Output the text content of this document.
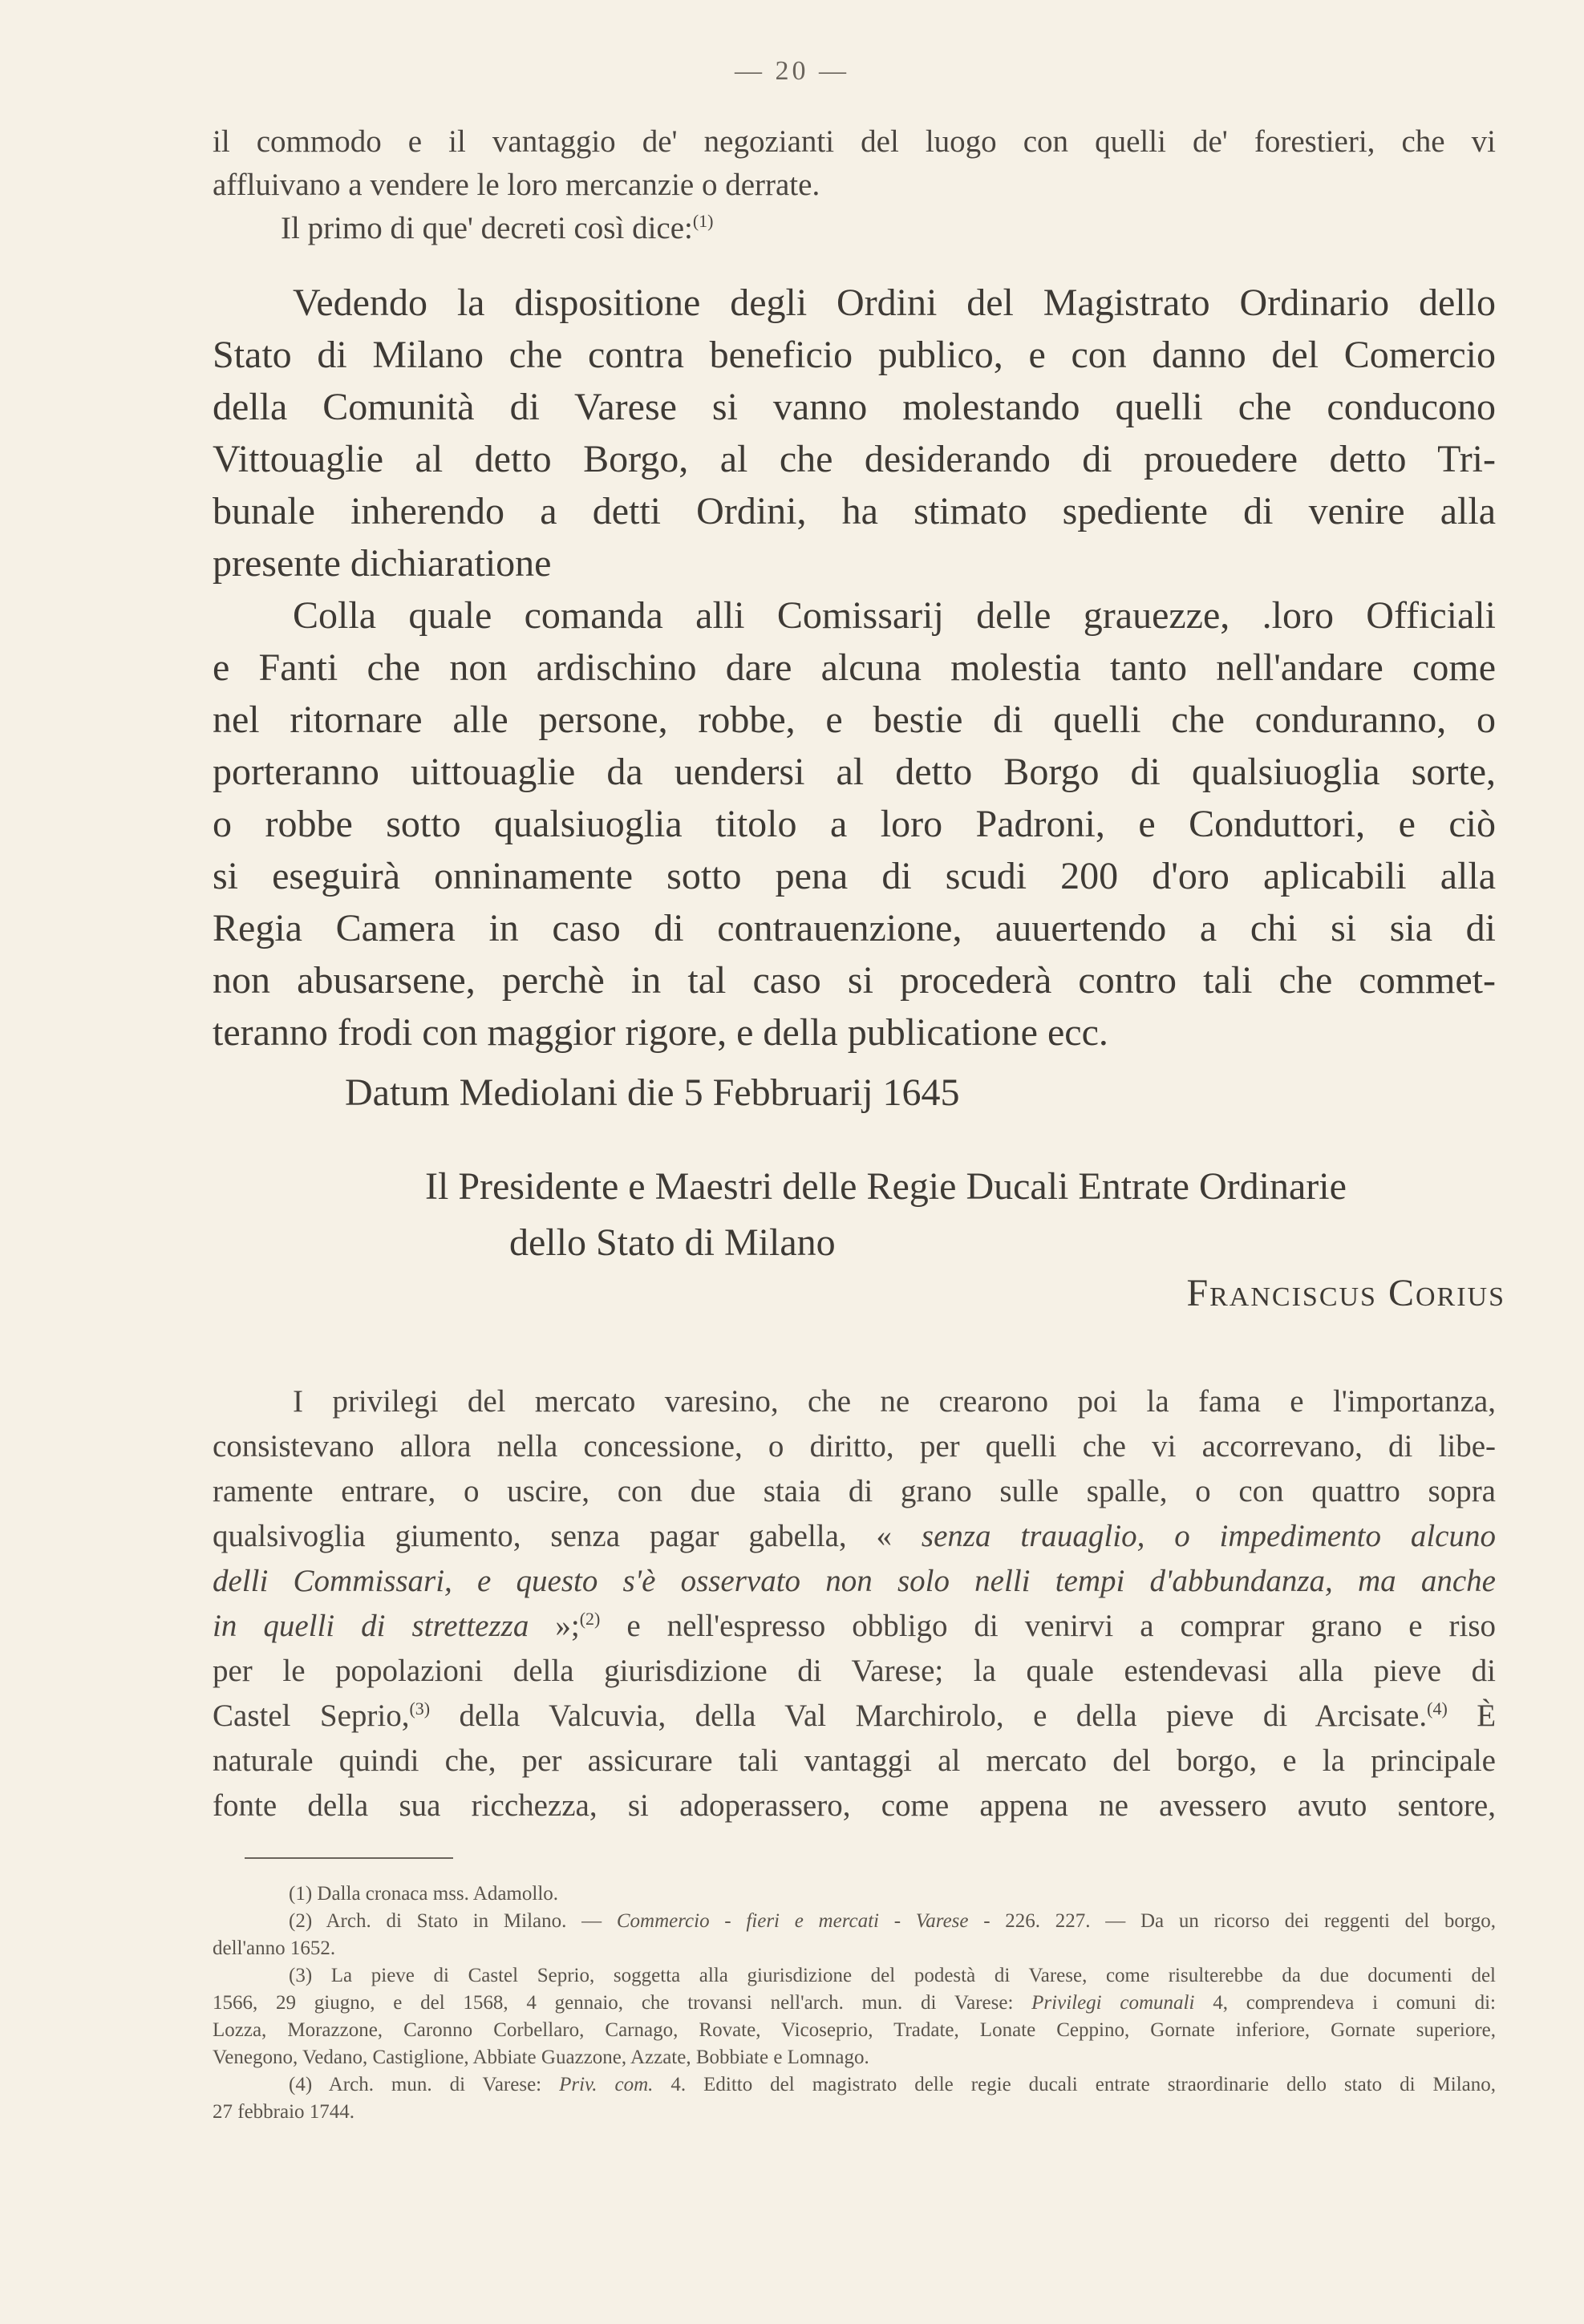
— 20 —
il commodo e il vantaggio de' negozianti del luogo con quelli de' forestieri, che vi
affluivano a vendere le loro mercanzie o derrate.
Il primo di que' decreti così dice:$^{(1)}$
Vedendo la dispositione degli Ordini del Magistrato Ordinario dello
Stato di Milano che contra beneficio publico, e con danno del Comercio
della Comunità di Varese si vanno molestando quelli che conducono
Vittouaglie al detto Borgo, al che desiderando di prouedere detto Tri-
bunale inherendo a detti Ordini, ha stimato spediente di venire alla
presente dichiaratione
Colla quale comanda alli Comissarij delle grauezze, .loro Officiali
e Fanti che non ardischino dare alcuna molestia tanto nell'andare come
nel ritornare alle persone, robbe, e bestie di quelli che conduranno, o
porteranno uittouaglie da uendersi al detto Borgo di qualsiuoglia sorte,
o robbe sotto qualsiuoglia titolo a loro Padroni, e Conduttori, e ciò
si eseguirà onninamente sotto pena di scudi 200 d'oro aplicabili alla
Regia Camera in caso di contrauenzione, auuertendo a chi si sia di
non abusarsene, perchè in tal caso si procederà contro tali che commet-
teranno frodi con maggior rigore, e della publicatione ecc.
Datum Mediolani die 5 Febbruarij 1645
Il Presidente e Maestri delle Regie Ducali Entrate Ordinarie
dello Stato di Milano
Franciscus Corius
I privilegi del mercato varesino, che ne crearono poi la fama e l'importanza,
consistevano allora nella concessione, o diritto, per quelli che vi accorrevano, di libe-
ramente entrare, o uscire, con due staia di grano sulle spalle, o con quattro sopra
qualsivoglia giumento, senza pagar gabella, « senza trauaglio, o impedimento alcuno
delli Commissari, e questo s'è osservato non solo nelli tempi d'abbundanza, ma anche
in quelli di strettezza »;$^{(2)}$ e nell'espresso obbligo di venirvi a comprar grano e riso
per le popolazioni della giurisdizione di Varese; la quale estendevasi alla pieve di
Castel Seprio,$^{(3)}$ della Valcuvia, della Val Marchirolo, e della pieve di Arcisate.$^{(4)}$ È
naturale quindi che, per assicurare tali vantaggi al mercato del borgo, e la principale
fonte della sua ricchezza, si adoperassero, come appena ne avessero avuto sentore,
(1) Dalla cronaca mss. Adamollo.
(2) Arch. di Stato in Milano. — Commercio - fieri e mercati - Varese - 226. 227. — Da un ricorso dei reggenti del borgo,
dell'anno 1652.
(3) La pieve di Castel Seprio, soggetta alla giurisdizione del podestà di Varese, come risulterebbe da due documenti del
1566, 29 giugno, e del 1568, 4 gennaio, che trovansi nell'arch. mun. di Varese: Privilegi comunali 4, comprendeva i comuni di:
Lozza, Morazzone, Caronno Corbellaro, Carnago, Rovate, Vicoseprio, Tradate, Lonate Ceppino, Gornate inferiore, Gornate superiore,
Venegono, Vedano, Castiglione, Abbiate Guazzone, Azzate, Bobbiate e Lomnago.
(4) Arch. mun. di Varese: Priv. com. 4. Editto del magistrato delle regie ducali entrate straordinarie dello stato di Milano,
27 febbraio 1744.
